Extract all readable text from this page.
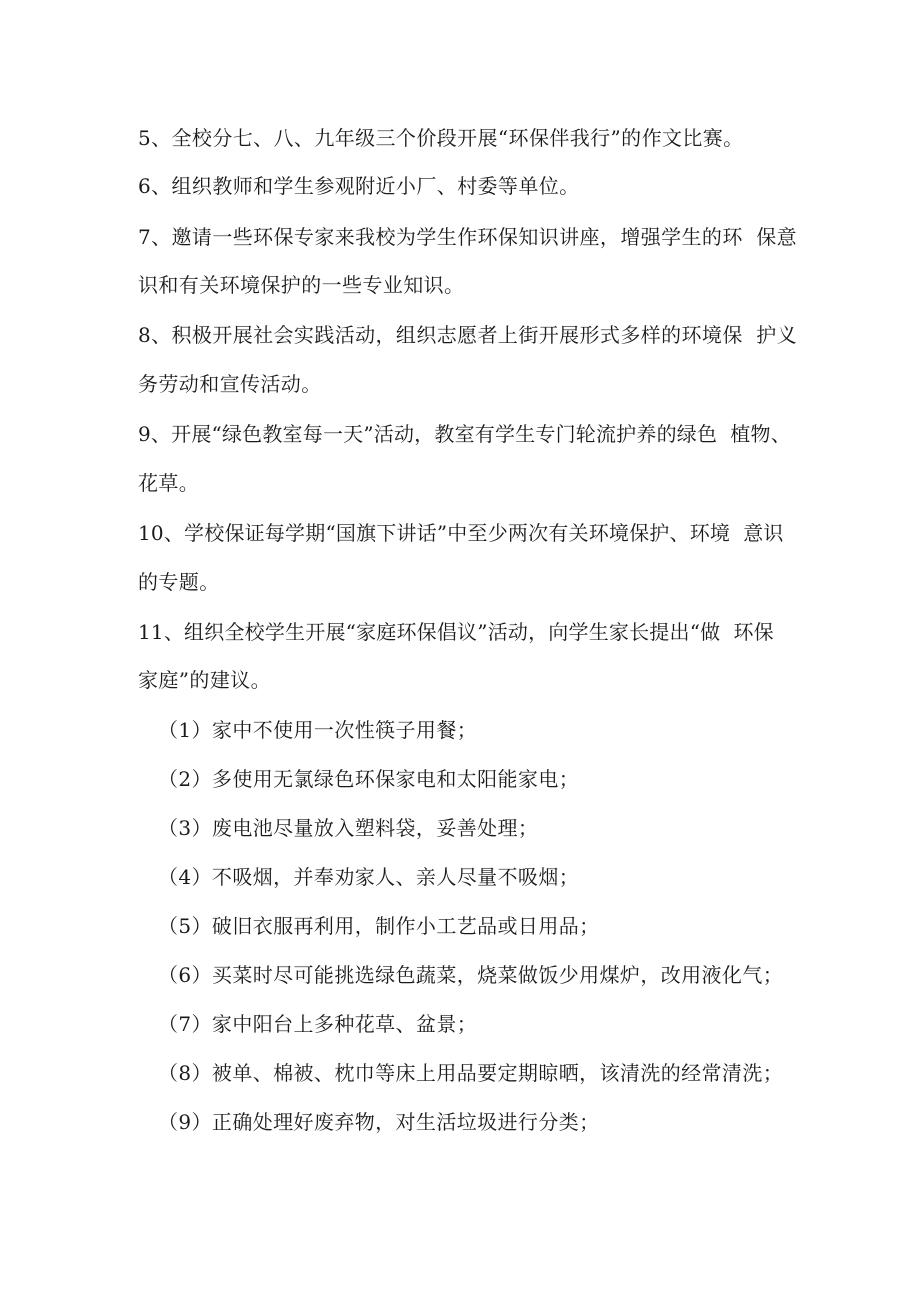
5、全校分七、八、九年级三个价段开展“环保伴我行”的作文比赛。
6、组织教师和学生参观附近小厂、村委等单位。
7、邀请一些环保专家来我校为学生作环保知识讲座，增强学生的环  保意
识和有关环境保护的一些专业知识。
8、积极开展社会实践活动，组织志愿者上街开展形式多样的环境保  护义
务劳动和宣传活动。
9、开展“绿色教室每一天”活动，教室有学生专门轮流护养的绿色  植物、
花草。
10、学校保证每学期“国旗下讲话”中至少两次有关环境保护、环境  意识
的专题。
11、组织全校学生开展“家庭环保倡议”活动，向学生家长提出“做  环保
家庭”的建议。
（1）家中不使用一次性筷子用餐；
（2）多使用无氯绿色环保家电和太阳能家电；
（3）废电池尽量放入塑料袋，妥善处理；
（4）不吸烟，并奉劝家人、亲人尽量不吸烟；
（5）破旧衣服再利用，制作小工艺品或日用品；
（6）买菜时尽可能挑选绿色蔬菜，烧菜做饭少用煤炉，改用液化气；
（7）家中阳台上多种花草、盆景；
（8）被单、棉被、枕巾等床上用品要定期晾晒，该清洗的经常清洗；
（9）正确处理好废弃物，对生活垃圾进行分类；
